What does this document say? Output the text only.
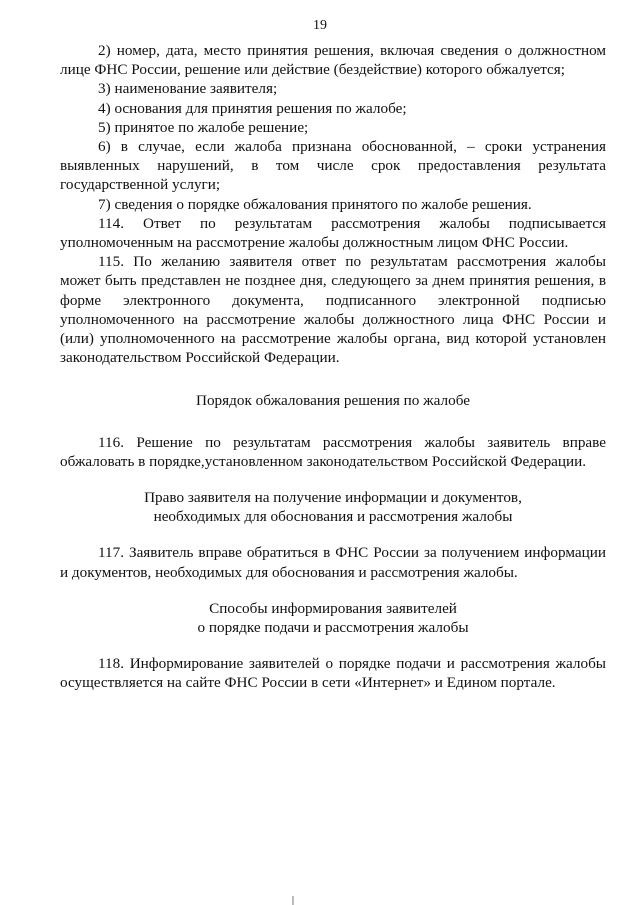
19

2) номер, дата, место принятия решения, включая сведения о должностном лице ФНС России, решение или действие (бездействие) которого обжалуется;

3) наименование заявителя;

4) основания для принятия решения по жалобе;

5) принятое по жалобе решение;

6) в случае, если жалоба признана обоснованной, – сроки устранения выявленных нарушений, в том числе срок предоставления результата государственной услуги;

7) сведения о порядке обжалования принятого по жалобе решения.

114. Ответ по результатам рассмотрения жалобы подписывается уполномоченным на рассмотрение жалобы должностным лицом ФНС России.

115. По желанию заявителя ответ по результатам рассмотрения жалобы может быть представлен не позднее дня, следующего за днем принятия решения, в форме электронного документа, подписанного электронной подписью уполномоченного на рассмотрение жалобы должностного лица ФНС России и (или) уполномоченного на рассмотрение жалобы органа, вид которой установлен законодательством Российской Федерации.

Порядок обжалования решения по жалобе

116. Решение по результатам рассмотрения жалобы заявитель вправе обжаловать в порядке,установленном законодательством Российской Федерации.

Право заявителя на получение информации и документов,

необходимых для обоснования и рассмотрения жалобы

117. Заявитель вправе обратиться в ФНС России за получением информации и документов, необходимых для обоснования и рассмотрения жалобы.

Способы информирования заявителей

о порядке подачи и рассмотрения жалобы

118. Информирование заявителей о порядке подачи и рассмотрения жалобы осуществляется на сайте ФНС России в сети «Интернет» и Едином портале.
